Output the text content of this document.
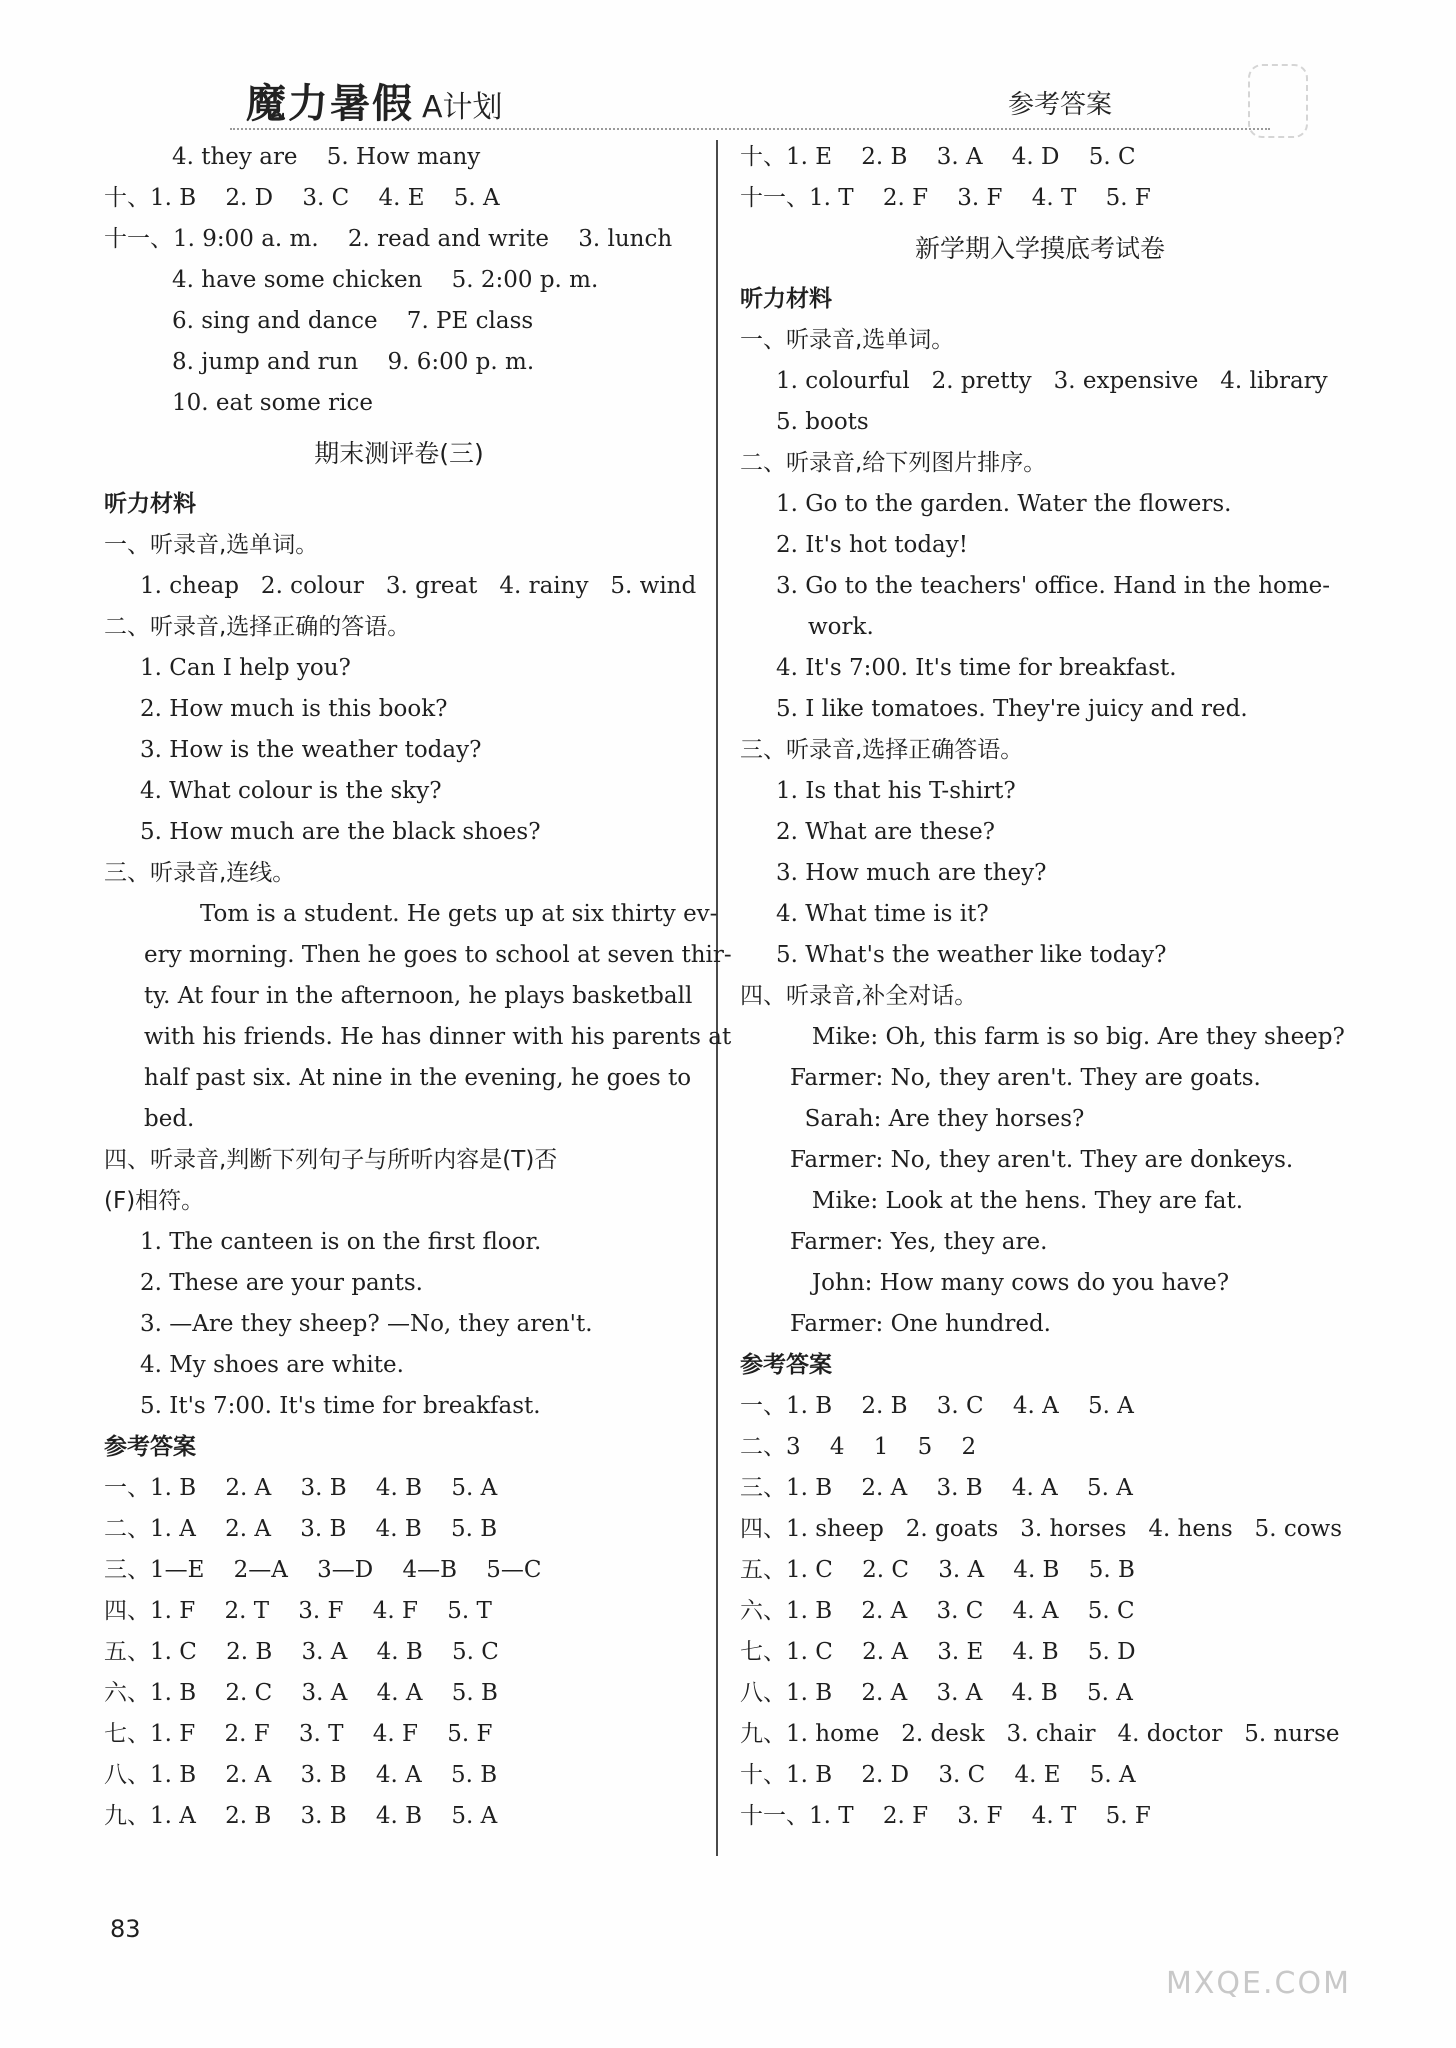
魔力暑假 A计划	参考答案
4. they are    5. How many
十、1. B    2. D    3. C    4. E    5. A
十一、1. 9:00 a. m.    2. read and write    3. lunch
4. have some chicken    5. 2:00 p. m.
6. sing and dance    7. PE class
8. jump and run    9. 6:00 p. m.
10. eat some rice
期末测评卷(三)
听力材料
一、听录音,选单词。
1. cheap   2. colour   3. great   4. rainy   5. wind
二、听录音,选择正确的答语。
1. Can I help you?
2. How much is this book?
3. How is the weather today?
4. What colour is the sky?
5. How much are the black shoes?
三、听录音,连线。
Tom is a student. He gets up at six thirty ev-
ery morning. Then he goes to school at seven thir-
ty. At four in the afternoon, he plays basketball
with his friends. He has dinner with his parents at
half past six. At nine in the evening, he goes to
bed.
四、听录音,判断下列句子与所听内容是(T)否
(F)相符。
1. The canteen is on the first floor.
2. These are your pants.
3. —Are they sheep? —No, they aren't.
4. My shoes are white.
5. It's 7:00. It's time for breakfast.
参考答案
一、1. B    2. A    3. B    4. B    5. A
二、1. A    2. A    3. B    4. B    5. B
三、1—E    2—A    3—D    4—B    5—C
四、1. F    2. T    3. F    4. F    5. T
五、1. C    2. B    3. A    4. B    5. C
六、1. B    2. C    3. A    4. A    5. B
七、1. F    2. F    3. T    4. F    5. F
八、1. B    2. A    3. B    4. A    5. B
九、1. A    2. B    3. B    4. B    5. A
十、1. E    2. B    3. A    4. D    5. C
十一、1. T    2. F    3. F    4. T    5. F
新学期入学摸底考试卷
听力材料
一、听录音,选单词。
1. colourful   2. pretty   3. expensive   4. library
5. boots
二、听录音,给下列图片排序。
1. Go to the garden. Water the flowers.
2. It's hot today!
3. Go to the teachers' office. Hand in the home-
work.
4. It's 7:00. It's time for breakfast.
5. I like tomatoes. They're juicy and red.
三、听录音,选择正确答语。
1. Is that his T-shirt?
2. What are these?
3. How much are they?
4. What time is it?
5. What's the weather like today?
四、听录音,补全对话。
Mike: Oh, this farm is so big. Are they sheep?
Farmer: No, they aren't. They are goats.
Sarah: Are they horses?
Farmer: No, they aren't. They are donkeys.
Mike: Look at the hens. They are fat.
Farmer: Yes, they are.
John: How many cows do you have?
Farmer: One hundred.
参考答案
一、1. B    2. B    3. C    4. A    5. A
二、3    4    1    5    2
三、1. B    2. A    3. B    4. A    5. A
四、1. sheep   2. goats   3. horses   4. hens   5. cows
五、1. C    2. C    3. A    4. B    5. B
六、1. B    2. A    3. C    4. A    5. C
七、1. C    2. A    3. E    4. B    5. D
八、1. B    2. A    3. A    4. B    5. A
九、1. home   2. desk   3. chair   4. doctor   5. nurse
十、1. B    2. D    3. C    4. E    5. A
十一、1. T    2. F    3. F    4. T    5. F
83
MXQE.COM
